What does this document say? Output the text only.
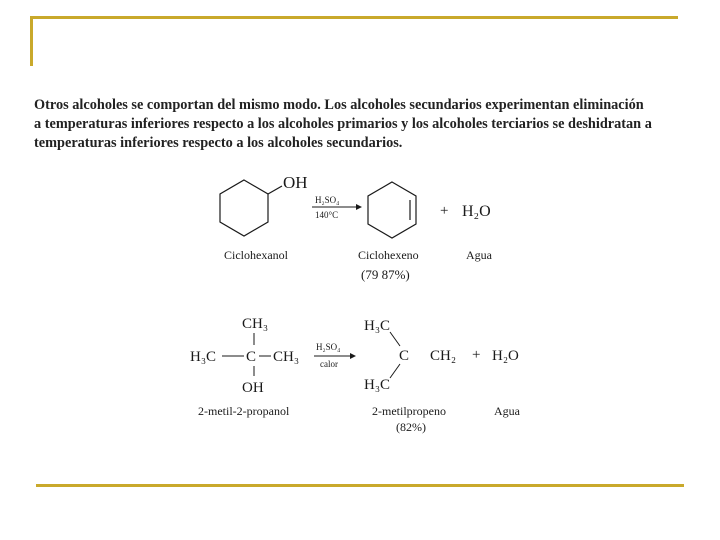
Otros alcoholes se comportan del mismo modo. Los alcoholes secundarios experimentan eliminación
a temperaturas inferiores respecto a los alcoholes primarios y los alcoholes terciarios se deshidratan a
temperaturas inferiores respecto a los alcoholes secundarios.
OH
H₂SO₄
140°C	+ H₂O
Ciclohexanol	Ciclohexeno	Agua
(79 87%)
CH₃
H₃C C CH₃
OH
H₂SO₄
calor
H₃C
C CH₂
H₃C
+ H₂O
2-metil-2-propanol	2-metilpropeno	Agua
(82%)
